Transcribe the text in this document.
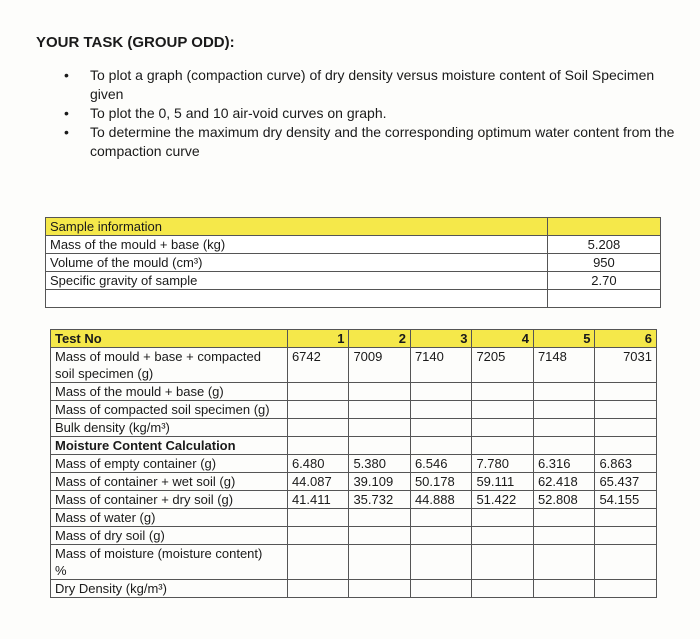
YOUR TASK (GROUP ODD):
• To plot a graph (compaction curve) of dry density versus moisture content of Soil Specimen given
• To plot the 0, 5 and 10 air-void curves on graph.
• To determine the maximum dry density and the corresponding optimum water content from the compaction curve
Sample information	
Mass of the mould + base (kg)	5.208
Volume of the mould (cm³)	950
Specific gravity of sample	2.70

Test No	1	2	3	4	5	6
Mass of mould + base + compacted soil specimen (g)	6742	7009	7140	7205	7148	7031
Mass of the mould + base (g)						
Mass of compacted soil specimen (g)						
Bulk density (kg/m³)						
Moisture Content Calculation						
Mass of empty container (g)	6.480	5.380	6.546	7.780	6.316	6.863
Mass of container + wet soil (g)	44.087	39.109	50.178	59.111	62.418	65.437
Mass of container + dry soil (g)	41.411	35.732	44.888	51.422	52.808	54.155
Mass of water (g)						
Mass of dry soil (g)						
Mass of moisture (moisture content)
%						
Dry Density (kg/m³)						
